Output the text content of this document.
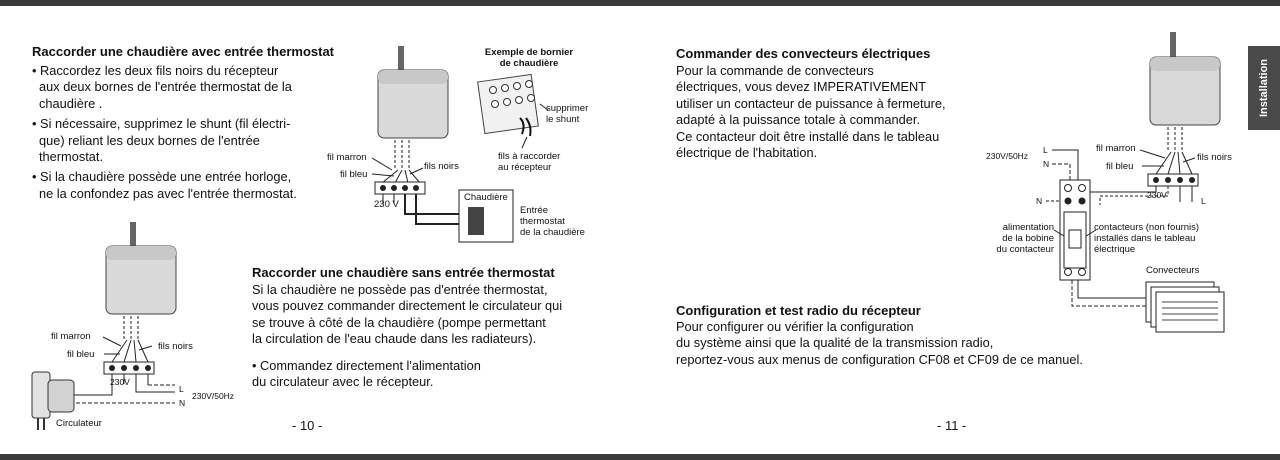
Raccorder une chaudière avec entrée thermostat
• Raccordez les deux fils noirs du récepteur
aux deux bornes de l'entrée thermostat de la
chaudière .
• Si nécessaire, supprimez le shunt (fil électri-
que) reliant les deux bornes de l'entrée
thermostat.
• Si la chaudière possède une entrée horloge,
ne la confondez pas avec l'entrée thermostat.
Exemple de bornier
de chaudière
supprimer
le shunt
fils à raccorder
au récepteur
fil marron
fil bleu
fils noirs
230 V
Chaudière
Entrée
thermostat
de la chaudière
Raccorder une chaudière sans entrée thermostat
Si la chaudière ne possède pas d'entrée thermostat,
vous pouvez commander directement le circulateur qui
se trouve à côté de la chaudière (pompe permettant
la circulation de l'eau chaude dans les radiateurs).
• Commandez directement l'alimentation
du circulateur avec le récepteur.
fil marron
fil bleu
fils noirs
230V
L
N
230V/50Hz
Circulateur	- 10 -
Commander des convecteurs électriques
Pour la commande de convecteurs
électriques, vous devez IMPERATIVEMENT
utiliser un contacteur de puissance à fermeture,
adapté à la puissance totale à commander.
Ce contacteur doit être installé dans le tableau
électrique de l'habitation.	230V/50Hz
L
N
N	L
fil marron
fil bleu
fils noirs
230V
alimentation
de la bobine
du contacteur
contacteurs (non fournis)
installés dans le tableau
électrique
Convecteurs
Configuration et test radio du récepteur
Pour configurer ou vérifier la configuration
du système ainsi que la qualité de la transmission radio,
reportez-vous aux menus de configuration CF08 et CF09 de ce manuel.
- 11 -
Installation
